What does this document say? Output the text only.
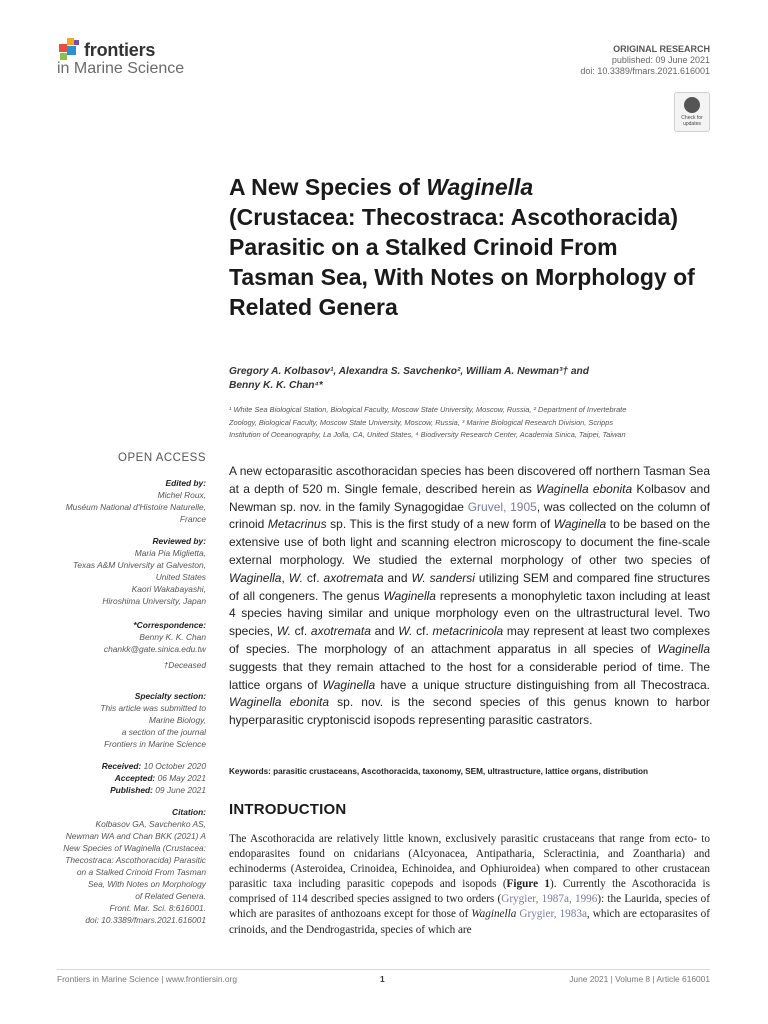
frontiers
in Marine Science
ORIGINAL RESEARCH
published: 09 June 2021
doi: 10.3389/fmars.2021.616001
Check for updates
A New Species of Waginella
(Crustacea: Thecostraca: Ascothoracida) Parasitic on a Stalked Crinoid From Tasman Sea, With Notes on Morphology of Related Genera
Gregory A. Kolbasov¹, Alexandra S. Savchenko², William A. Newman³† and
Benny K. K. Chan⁴*
¹ White Sea Biological Station, Biological Faculty, Moscow State University, Moscow, Russia, ² Department of Invertebrate
Zoology, Biological Faculty, Moscow State University, Moscow, Russia, ³ Marine Biological Research Division, Scripps
Institution of Oceanography, La Jolla, CA, United States, ⁴ Biodiversity Research Center, Academia Sinica, Taipei, Taiwan
OPEN ACCESS
Edited by:
Michel Roux,
Muséum National d'Histoire Naturelle,
France
Reviewed by:
Maria Pia Miglietta,
Texas A&M University at Galveston,
United States
Kaori Wakabayashi,
Hiroshima University, Japan
*Correspondence:
Benny K. K. Chan
chankk@gate.sinica.edu.tw
†Deceased
Specialty section:
This article was submitted to
Marine Biology,
a section of the journal
Frontiers in Marine Science
Received: 10 October 2020
Accepted: 06 May 2021
Published: 09 June 2021
Citation:
Kolbasov GA, Savchenko AS,
Newman WA and Chan BKK (2021) A
New Species of Waginella (Crustacea:
Thecostraca: Ascothoracida) Parasitic
on a Stalked Crinoid From Tasman
Sea, With Notes on Morphology
of Related Genera.
Front. Mar. Sci. 8:616001.
doi: 10.3389/fmars.2021.616001
A new ectoparasitic ascothoracidan species has been discovered off northern Tasman Sea at a depth of 520 m. Single female, described herein as Waginella ebonita Kolbasov and Newman sp. nov. in the family Synagogidae Gruvel, 1905, was collected on the column of crinoid Metacrinus sp. This is the first study of a new form of Waginella to be based on the extensive use of both light and scanning electron microscopy to document the fine-scale external morphology. We studied the external morphology of other two species of Waginella, W. cf. axotremata and W. sandersi utilizing SEM and compared fine structures of all congeners. The genus Waginella represents a monophyletic taxon including at least 4 species having similar and unique morphology even on the ultrastructural level. Two species, W. cf. axotremata and W. cf. metacrinicola may represent at least two complexes of species. The morphology of an attachment apparatus in all species of Waginella suggests that they remain attached to the host for a considerable period of time. The lattice organs of Waginella have a unique structure distinguishing from all Thecostraca. Waginella ebonita sp. nov. is the second species of this genus known to harbor hyperparasitic cryptoniscid isopods representing parasitic castrators.
Keywords: parasitic crustaceans, Ascothoracida, taxonomy, SEM, ultrastructure, lattice organs, distribution
INTRODUCTION
The Ascothoracida are relatively little known, exclusively parasitic crustaceans that range from ecto- to endoparasites found on cnidarians (Alcyonacea, Antipatharia, Scleractinia, and Zoantharia) and echinoderms (Asteroidea, Crinoidea, Echinoidea, and Ophiuroidea) when compared to other crustacean parasitic taxa including parasitic copepods and isopods (Figure 1). Currently the Ascothoracida is comprised of 114 described species assigned to two orders (Grygier, 1987a, 1996): the Laurida, species of which are parasites of anthozoans except for those of Waginella Grygier, 1983a, which are ectoparasites of crinoids, and the Dendrogastrida, species of which are
Frontiers in Marine Science | www.frontiersin.org	1	June 2021 | Volume 8 | Article 616001
